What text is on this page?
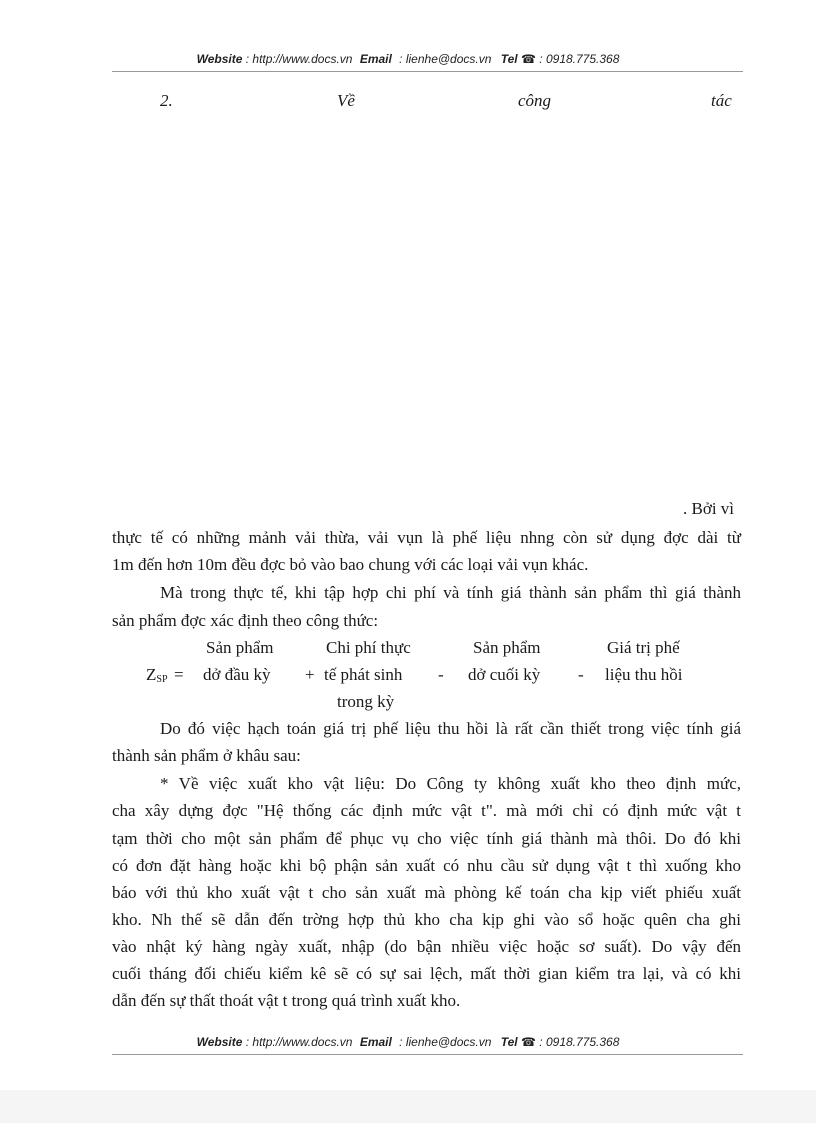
Website : http://www.docs.vn Email : lienhe@docs.vn Tel ☎ : 0918.775.368
2.	Về	công	tác
. Bởi vì
thực tế có những mảnh vải thừa, vải vụn là phế liệu nhng còn sử dụng đợc dài từ
1m đến hơn 10m đều đợc bỏ vào bao chung với các loại vải vụn khác.
Mà trong thực tế, khi tập hợp chi phí và tính giá thành sản phẩm thì giá thành
sản phẩm đợc xác định theo công thức:
Sản phẩm	Chi phí thực	Sản phẩm	Giá trị phế
$Z_{SP}$ = dở đầu kỳ + tế phát sinh - dở cuối kỳ - liệu thu hồi
trong kỳ
Do đó việc hạch toán giá trị phế liệu thu hồi là rất cần thiết trong việc tính giá
thành sản phẩm ở khâu sau:
* Về việc xuất kho vật liệu: Do Công ty không xuất kho theo định mức,
cha xây dựng đợc "Hệ thống các định mức vật t". mà mới chỉ có định mức vật t
tạm thời cho một sản phẩm để phục vụ cho việc tính giá thành mà thôi. Do đó khi
có đơn đặt hàng hoặc khi bộ phận sản xuất có nhu cầu sử dụng vật t thì xuống kho
báo với thủ kho xuất vật t cho sản xuất mà phòng kế toán cha kịp viết phiếu xuất
kho. Nh thế sẽ dẫn đến trờng hợp thủ kho cha kịp ghi vào sổ hoặc quên cha ghi
vào nhật ký hàng ngày xuất, nhập (do bận nhiều việc hoặc sơ suất). Do vậy đến
cuối tháng đối chiếu kiểm kê sẽ có sự sai lệch, mất thời gian kiểm tra lại, và có khi
dẫn đến sự thất thoát vật t trong quá trình xuất kho.
Website : http://www.docs.vn Email : lienhe@docs.vn Tel ☎ : 0918.775.368
